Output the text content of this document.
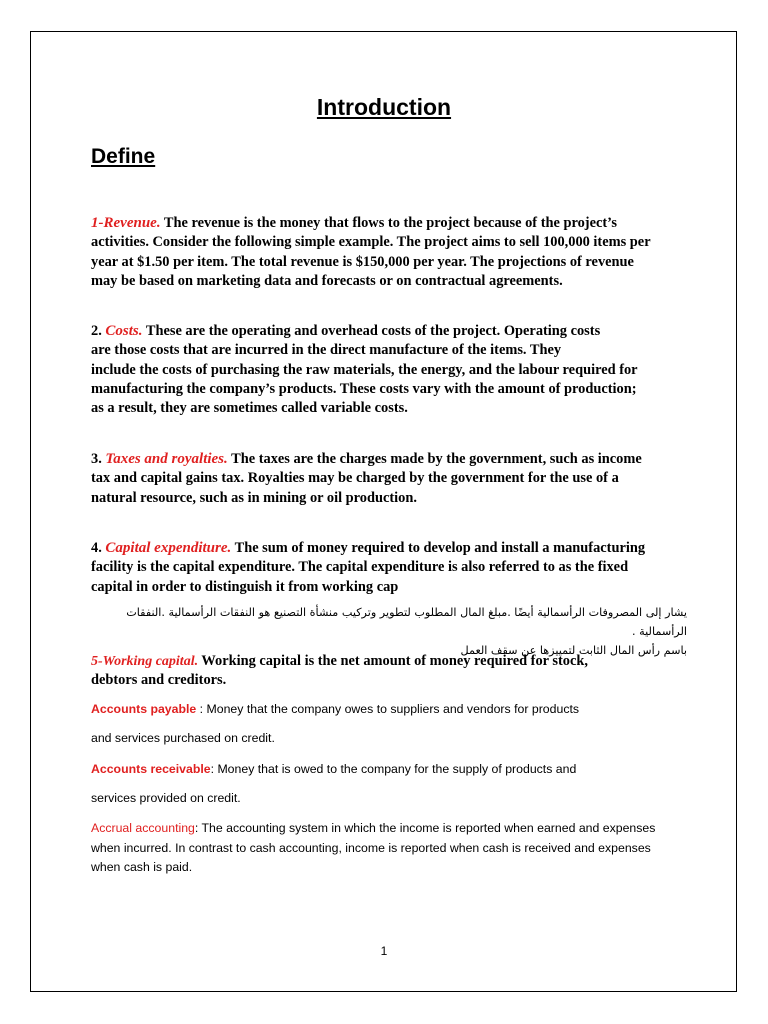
Introduction
Define

1-Revenue. The revenue is the money that flows to the project because of the project’s
activities. Consider the following simple example. The project aims to sell 100,000 items per
year at $1.50 per item. The total revenue is $150,000 per year. The projections of revenue
may be based on marketing data and forecasts or on contractual agreements.

2. Costs. These are the operating and overhead costs of the project. Operating costs
are those costs that are incurred in the direct manufacture of the items. They
include the costs of purchasing the raw materials, the energy, and the labour required for
manufacturing the company’s products. These costs vary with the amount of production;
as a result, they are sometimes called variable costs.

3. Taxes and royalties. The taxes are the charges made by the government, such as income
tax and capital gains tax. Royalties may be charged by the government for the use of a
natural resource, such as in mining or oil production.

4. Capital expenditure. The sum of money required to develop and install a manufacturing
facility is the capital expenditure. The capital expenditure is also referred to as the fixed
capital in order to distinguish it from working cap

يشار إلى المصروفات الرأسمالية أيضًا .مبلغ المال المطلوب لتطوير وتركيب منشأة التصنيع هو النفقات الرأسمالية .النفقات الرأسمالية .
باسم رأس المال الثابت لتمييزها عن سقف العمل

5-Working capital. Working capital is the net amount of money required for stock,
debtors and creditors.

Accounts payable : Money that the company owes to suppliers and vendors for products

and services purchased on credit.

Accounts receivable: Money that is owed to the company for the supply of products and

services provided on credit.

Accrual accounting: The accounting system in which the income is reported when earned and expenses
when incurred. In contrast to cash accounting, income is reported when cash is received and expenses
when cash is paid.

1
